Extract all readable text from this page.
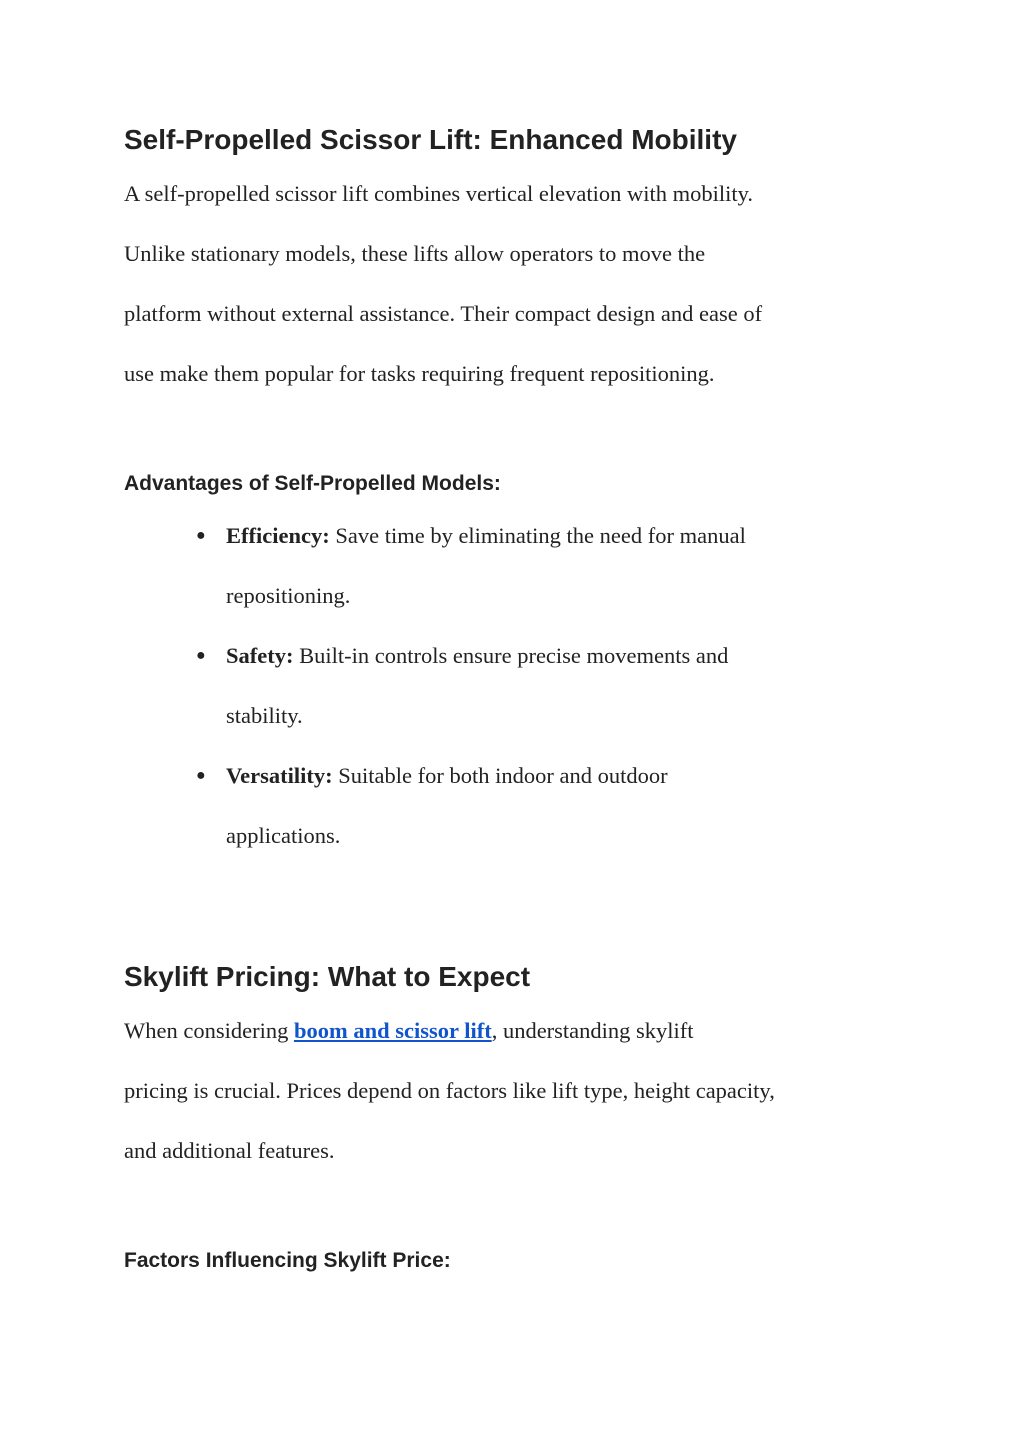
Self-Propelled Scissor Lift: Enhanced Mobility

A self-propelled scissor lift combines vertical elevation with mobility.
Unlike stationary models, these lifts allow operators to move the
platform without external assistance. Their compact design and ease of
use make them popular for tasks requiring frequent repositioning.

Advantages of Self-Propelled Models:
● Efficiency: Save time by eliminating the need for manual
repositioning.
● Safety: Built-in controls ensure precise movements and
stability.
● Versatility: Suitable for both indoor and outdoor
applications.
Skylift Pricing: What to Expect

When considering boom and scissor lift, understanding skylift
pricing is crucial. Prices depend on factors like lift type, height capacity,
and additional features.

Factors Influencing Skylift Price:
